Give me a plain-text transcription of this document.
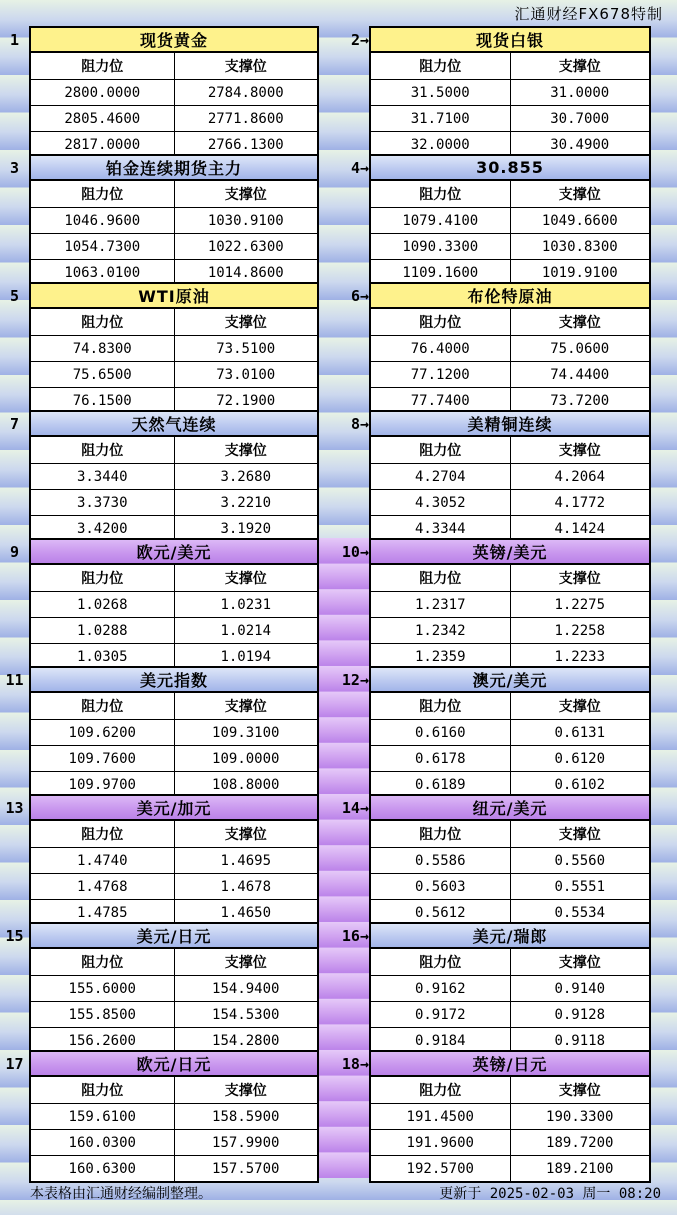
汇通财经FX678特制
1	现货黄金
阻力位	支撑位
2800.0000	2784.8000
2805.4600	2771.8600
2817.0000	2766.1300
2→	现货白银
阻力位	支撑位
31.5000	31.0000
31.7100	30.7000
32.0000	30.4900
3	铂金连续期货主力
阻力位	支撑位
1046.9600	1030.9100
1054.7300	1022.6300
1063.0100	1014.8600
4→	30.855
阻力位	支撑位
1079.4100	1049.6600
1090.3300	1030.8300
1109.1600	1019.9100
5	WTI原油
阻力位	支撑位
74.8300	73.5100
75.6500	73.0100
76.1500	72.1900
6→	布伦特原油
阻力位	支撑位
76.4000	75.0600
77.1200	74.4400
77.7400	73.7200
7	天然气连续
阻力位	支撑位
3.3440	3.2680
3.3730	3.2210
3.4200	3.1920
8→	美精铜连续
阻力位	支撑位
4.2704	4.2064
4.3052	4.1772
4.3344	4.1424
9	欧元/美元
阻力位	支撑位
1.0268	1.0231
1.0288	1.0214
1.0305	1.0194
10→	英镑/美元
阻力位	支撑位
1.2317	1.2275
1.2342	1.2258
1.2359	1.2233
11	美元指数
阻力位	支撑位
109.6200	109.3100
109.7600	109.0000
109.9700	108.8000
12→	澳元/美元
阻力位	支撑位
0.6160	0.6131
0.6178	0.6120
0.6189	0.6102
13	美元/加元
阻力位	支撑位
1.4740	1.4695
1.4768	1.4678
1.4785	1.4650
14→	纽元/美元
阻力位	支撑位
0.5586	0.5560
0.5603	0.5551
0.5612	0.5534
15	美元/日元
阻力位	支撑位
155.6000	154.9400
155.8500	154.5300
156.2600	154.2800
16→	美元/瑞郎
阻力位	支撑位
0.9162	0.9140
0.9172	0.9128
0.9184	0.9118
17	欧元/日元
阻力位	支撑位
159.6100	158.5900
160.0300	157.9900
160.6300	157.5700
18→	英镑/日元
阻力位	支撑位
191.4500	190.3300
191.9600	189.7200
192.5700	189.2100
本表格由汇通财经编制整理。	更新于 2025-02-03 周一 08:20
